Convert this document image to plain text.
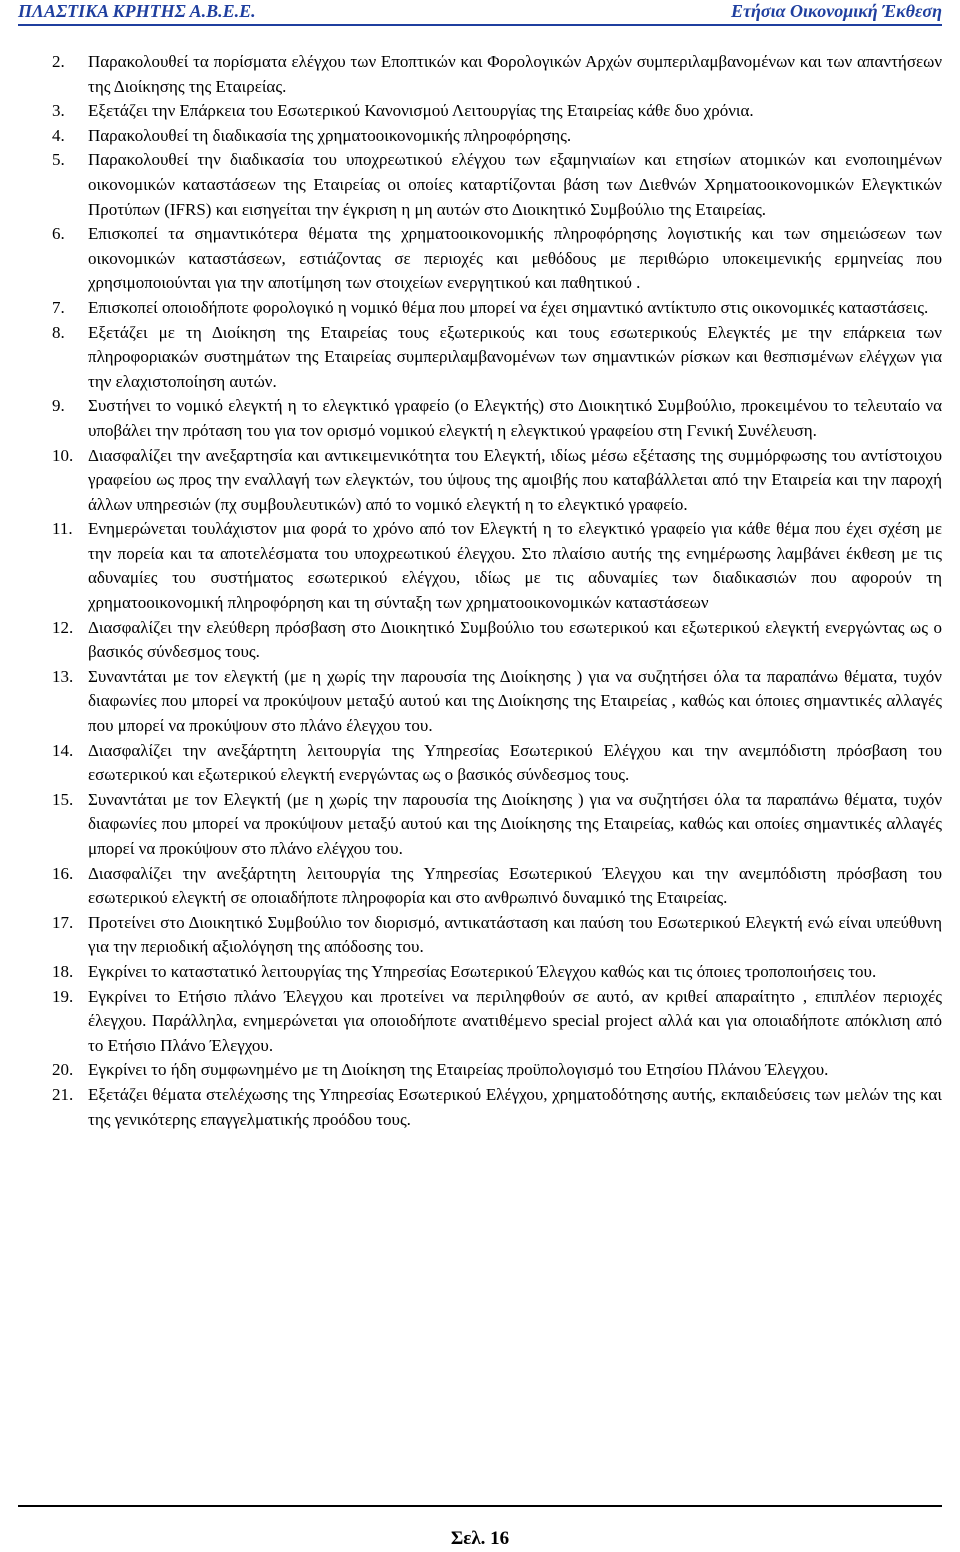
ΠΛΑΣΤΙΚΑ ΚΡΗΤΗΣ Α.Β.Ε.Ε.	Ετήσια Οικονομική Έκθεση
2.	Παρακολουθεί τα πορίσματα ελέγχου των Εποπτικών και Φορολογικών Αρχών συμπεριλαμβανομένων και των απαντήσεων της Διοίκησης της Εταιρείας.
3.	Εξετάζει την Επάρκεια του Εσωτερικού Κανονισμού Λειτουργίας της Εταιρείας κάθε δυο χρόνια.
4.	Παρακολουθεί τη διαδικασία της χρηματοοικονομικής πληροφόρησης.
5.	Παρακολουθεί την διαδικασία του υποχρεωτικού ελέγχου των εξαμηνιαίων και ετησίων ατομικών και ενοποιημένων οικονομικών καταστάσεων της Εταιρείας οι οποίες καταρτίζονται βάση των Διεθνών Χρηματοοικονομικών Ελεγκτικών Προτύπων (IFRS) και εισηγείται την έγκριση η μη αυτών στο Διοικητικό Συμβούλιο της Εταιρείας.
6.	Επισκοπεί τα σημαντικότερα θέματα της χρηματοοικονομικής πληροφόρησης λογιστικής και των σημειώσεων των οικονομικών καταστάσεων, εστιάζοντας σε περιοχές και μεθόδους με περιθώριο υποκειμενικής ερμηνείας που χρησιμοποιούνται για την αποτίμηση των στοιχείων ενεργητικού και παθητικού .
7.	Επισκοπεί οποιοδήποτε φορολογικό η νομικό θέμα που μπορεί να έχει σημαντικό αντίκτυπο στις οικονομικές καταστάσεις.
8.	Εξετάζει με τη Διοίκηση της Εταιρείας τους εξωτερικούς και τους εσωτερικούς Ελεγκτές με την επάρκεια των πληροφοριακών συστημάτων της Εταιρείας συμπεριλαμβανομένων των σημαντικών ρίσκων και θεσπισμένων ελέγχων για την ελαχιστοποίηση αυτών.
9.	Συστήνει το νομικό ελεγκτή η το ελεγκτικό γραφείο (ο Ελεγκτής) στο Διοικητικό Συμβούλιο, προκειμένου το τελευταίο να υποβάλει την πρόταση του για τον ορισμό νομικού ελεγκτή η ελεγκτικού γραφείου στη Γενική Συνέλευση.
10. Διασφαλίζει την ανεξαρτησία και αντικειμενικότητα του Ελεγκτή, ιδίως μέσω εξέτασης της συμμόρφωσης του αντίστοιχου γραφείου ως προς την εναλλαγή των ελεγκτών, του ύψους της αμοιβής που καταβάλλεται από την Εταιρεία και την παροχή άλλων υπηρεσιών (πχ συμβουλευτικών) από το νομικό ελεγκτή η το ελεγκτικό γραφείο.
11. Ενημερώνεται τουλάχιστον μια φορά το χρόνο από τον Ελεγκτή η το ελεγκτικό γραφείο για κάθε θέμα που έχει σχέση με την πορεία και τα αποτελέσματα του υποχρεωτικού έλεγχου. Στο πλαίσιο αυτής της ενημέρωσης λαμβάνει έκθεση με τις αδυναμίες του συστήματος εσωτερικού ελέγχου, ιδίως με τις αδυναμίες των διαδικασιών που αφορούν τη χρηματοοικονομική πληροφόρηση και τη σύνταξη των χρηματοοικονομικών καταστάσεων
12. Διασφαλίζει την ελεύθερη πρόσβαση στο Διοικητικό Συμβούλιο του εσωτερικού και εξωτερικού ελεγκτή ενεργώντας ως ο βασικός σύνδεσμος τους.
13. Συναντάται με τον ελεγκτή (με η χωρίς την παρουσία της Διοίκησης ) για να συζητήσει όλα τα παραπάνω θέματα, τυχόν διαφωνίες που μπορεί να προκύψουν μεταξύ αυτού και της Διοίκησης της Εταιρείας , καθώς και όποιες σημαντικές αλλαγές που μπορεί να προκύψουν στο πλάνο έλεγχου του.
14. Διασφαλίζει την ανεξάρτητη λειτουργία της Υπηρεσίας Εσωτερικού Ελέγχου και την ανεμπόδιστη πρόσβαση του εσωτερικού και εξωτερικού ελεγκτή ενεργώντας ως ο βασικός σύνδεσμος τους.
15. Συναντάται με τον Ελεγκτή (με η χωρίς την παρουσία της Διοίκησης ) για να συζητήσει όλα τα παραπάνω θέματα, τυχόν διαφωνίες που μπορεί να προκύψουν μεταξύ αυτού και της Διοίκησης της Εταιρείας, καθώς και οποίες σημαντικές αλλαγές μπορεί να προκύψουν στο πλάνο ελέγχου του.
16. Διασφαλίζει την ανεξάρτητη λειτουργία της Υπηρεσίας Εσωτερικού Έλεγχου και την ανεμπόδιστη πρόσβαση του εσωτερικού ελεγκτή σε οποιαδήποτε πληροφορία και στο ανθρωπινό δυναμικό της Εταιρείας.
17. Προτείνει στο Διοικητικό Συμβούλιο τον διορισμό, αντικατάσταση και παύση του Εσωτερικού Ελεγκτή ενώ είναι υπεύθυνη για την περιοδική αξιολόγηση της απόδοσης του.
18. Εγκρίνει το καταστατικό λειτουργίας της Υπηρεσίας Εσωτερικού Έλεγχου καθώς και τις όποιες τροποποιήσεις του.
19. Εγκρίνει το Ετήσιο πλάνο Έλεγχου και προτείνει να περιληφθούν σε αυτό, αν κριθεί απαραίτητο , επιπλέον περιοχές έλεγχου. Παράλληλα, ενημερώνεται για οποιοδήποτε ανατιθέμενο special project αλλά και για οποιαδήποτε απόκλιση από το Ετήσιο Πλάνο Έλεγχου.
20. Εγκρίνει το ήδη συμφωνημένο με τη Διοίκηση της Εταιρείας προϋπολογισμό του Ετησίου Πλάνου Έλεγχου.
21. Εξετάζει θέματα στελέχωσης της Υπηρεσίας Εσωτερικού Ελέγχου, χρηματοδότησης αυτής, εκπαιδεύσεις των μελών της και της γενικότερης επαγγελματικής προόδου τους.
Σελ. 16
